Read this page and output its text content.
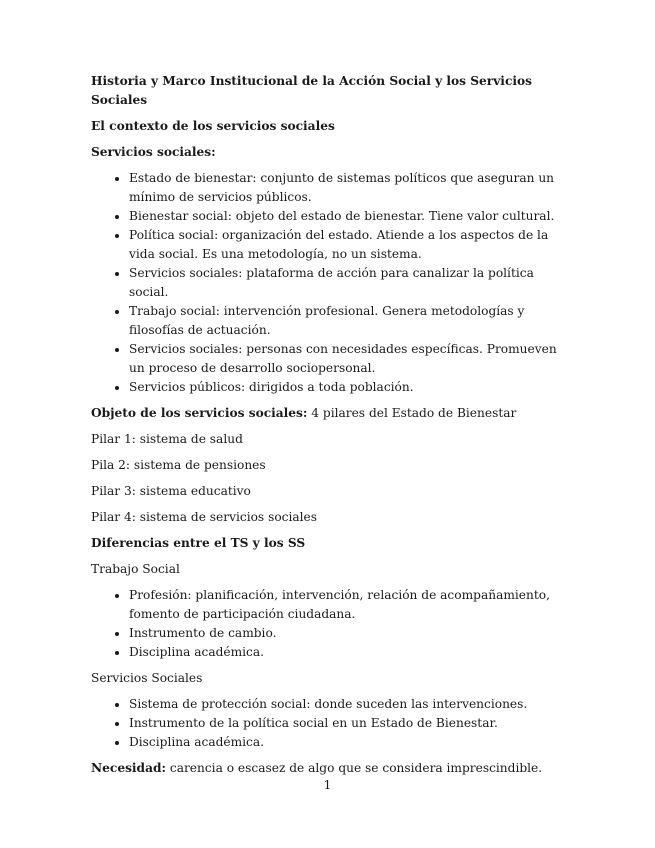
Historia y Marco Institucional de la Acción Social y los Servicios Sociales

El contexto de los servicios sociales

Servicios sociales:

• Estado de bienestar: conjunto de sistemas políticos que aseguran un mínimo de servicios públicos.
• Bienestar social: objeto del estado de bienestar. Tiene valor cultural.
• Política social: organización del estado. Atiende a los aspectos de la vida social. Es una metodología, no un sistema.
• Servicios sociales: plataforma de acción para canalizar la política social.
• Trabajo social: intervención profesional. Genera metodologías y filosofías de actuación.
• Servicios sociales: personas con necesidades específicas. Promueven un proceso de desarrollo sociopersonal.
• Servicios públicos: dirigidos a toda población.

Objeto de los servicios sociales: 4 pilares del Estado de Bienestar

Pilar 1: sistema de salud

Pila 2: sistema de pensiones

Pilar 3: sistema educativo

Pilar 4: sistema de servicios sociales

Diferencias entre el TS y los SS

Trabajo Social

• Profesión: planificación, intervención, relación de acompañamiento, fomento de participación ciudadana.
• Instrumento de cambio.
• Disciplina académica.

Servicios Sociales

• Sistema de protección social: donde suceden las intervenciones.
• Instrumento de la política social en un Estado de Bienestar.
• Disciplina académica.

Necesidad: carencia o escasez de algo que se considera imprescindible.

1
